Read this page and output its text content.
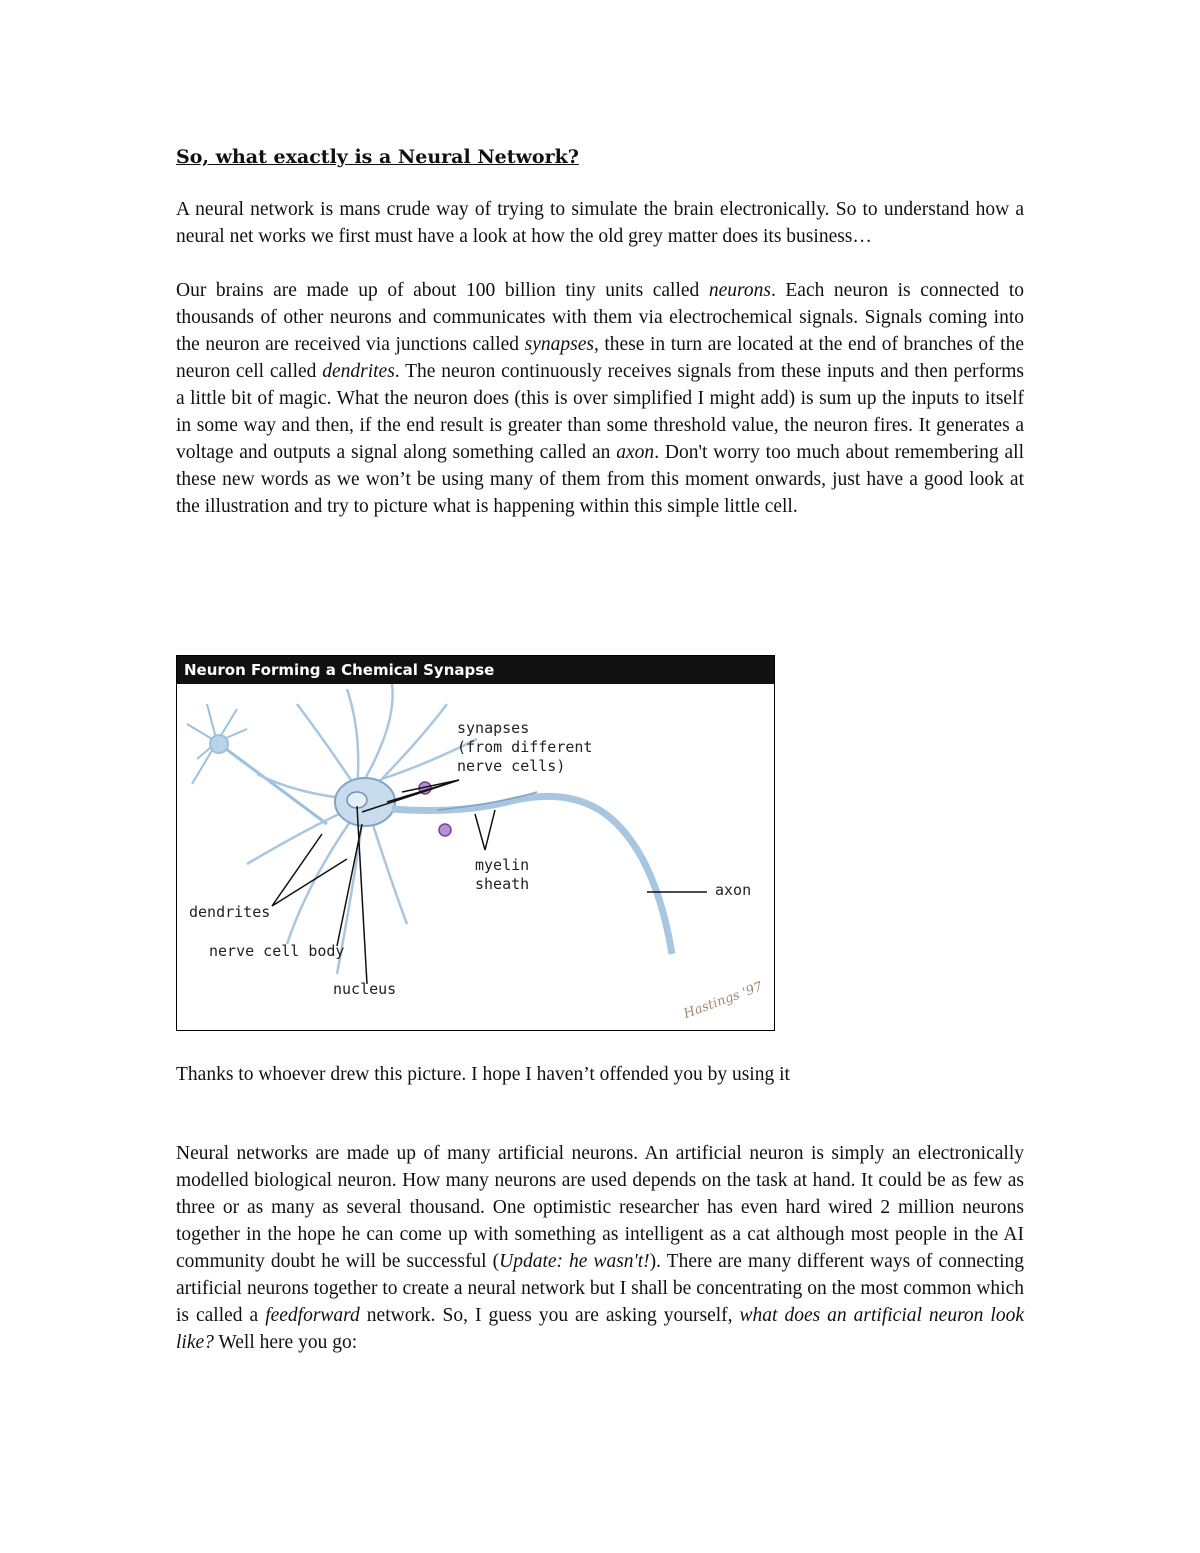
So, what exactly is a Neural Network?

A neural network is mans crude way of trying to simulate the brain electronically. So to understand how a neural net works we first must have a look at how the old grey matter does its business…

Our brains are made up of about 100 billion tiny units called neurons. Each neuron is connected to thousands of other neurons and communicates with them via electrochemical signals. Signals coming into the neuron are received via junctions called synapses, these in turn are located at the end of branches of the neuron cell called dendrites. The neuron continuously receives signals from these inputs and then performs a little bit of magic. What the neuron does (this is over simplified I might add) is sum up the inputs to itself in some way and then, if the end result is greater than some threshold value, the neuron fires. It generates a voltage and outputs a signal along something called an axon. Don't worry too much about remembering all these new words as we won’t be using many of them from this moment onwards, just have a good look at the illustration and try to picture what is happening within this simple little cell.

Neuron Forming a Chemical Synapse
synapses
(from different
nerve cells)
myelin
sheath	axon
dendrites
nerve cell body
nucleus	Hastings '97

Thanks to whoever drew this picture. I hope I haven’t offended you by using it

Neural networks are made up of many artificial neurons. An artificial neuron is simply an electronically modelled biological neuron. How many neurons are used depends on the task at hand. It could be as few as three or as many as several thousand. One optimistic researcher has even hard wired 2 million neurons together in the hope he can come up with something as intelligent as a cat although most people in the AI community doubt he will be successful (Update: he wasn't!). There are many different ways of connecting artificial neurons together to create a neural network but I shall be concentrating on the most common which is called a feedforward network. So, I guess you are asking yourself, what does an artificial neuron look like? Well here you go:
